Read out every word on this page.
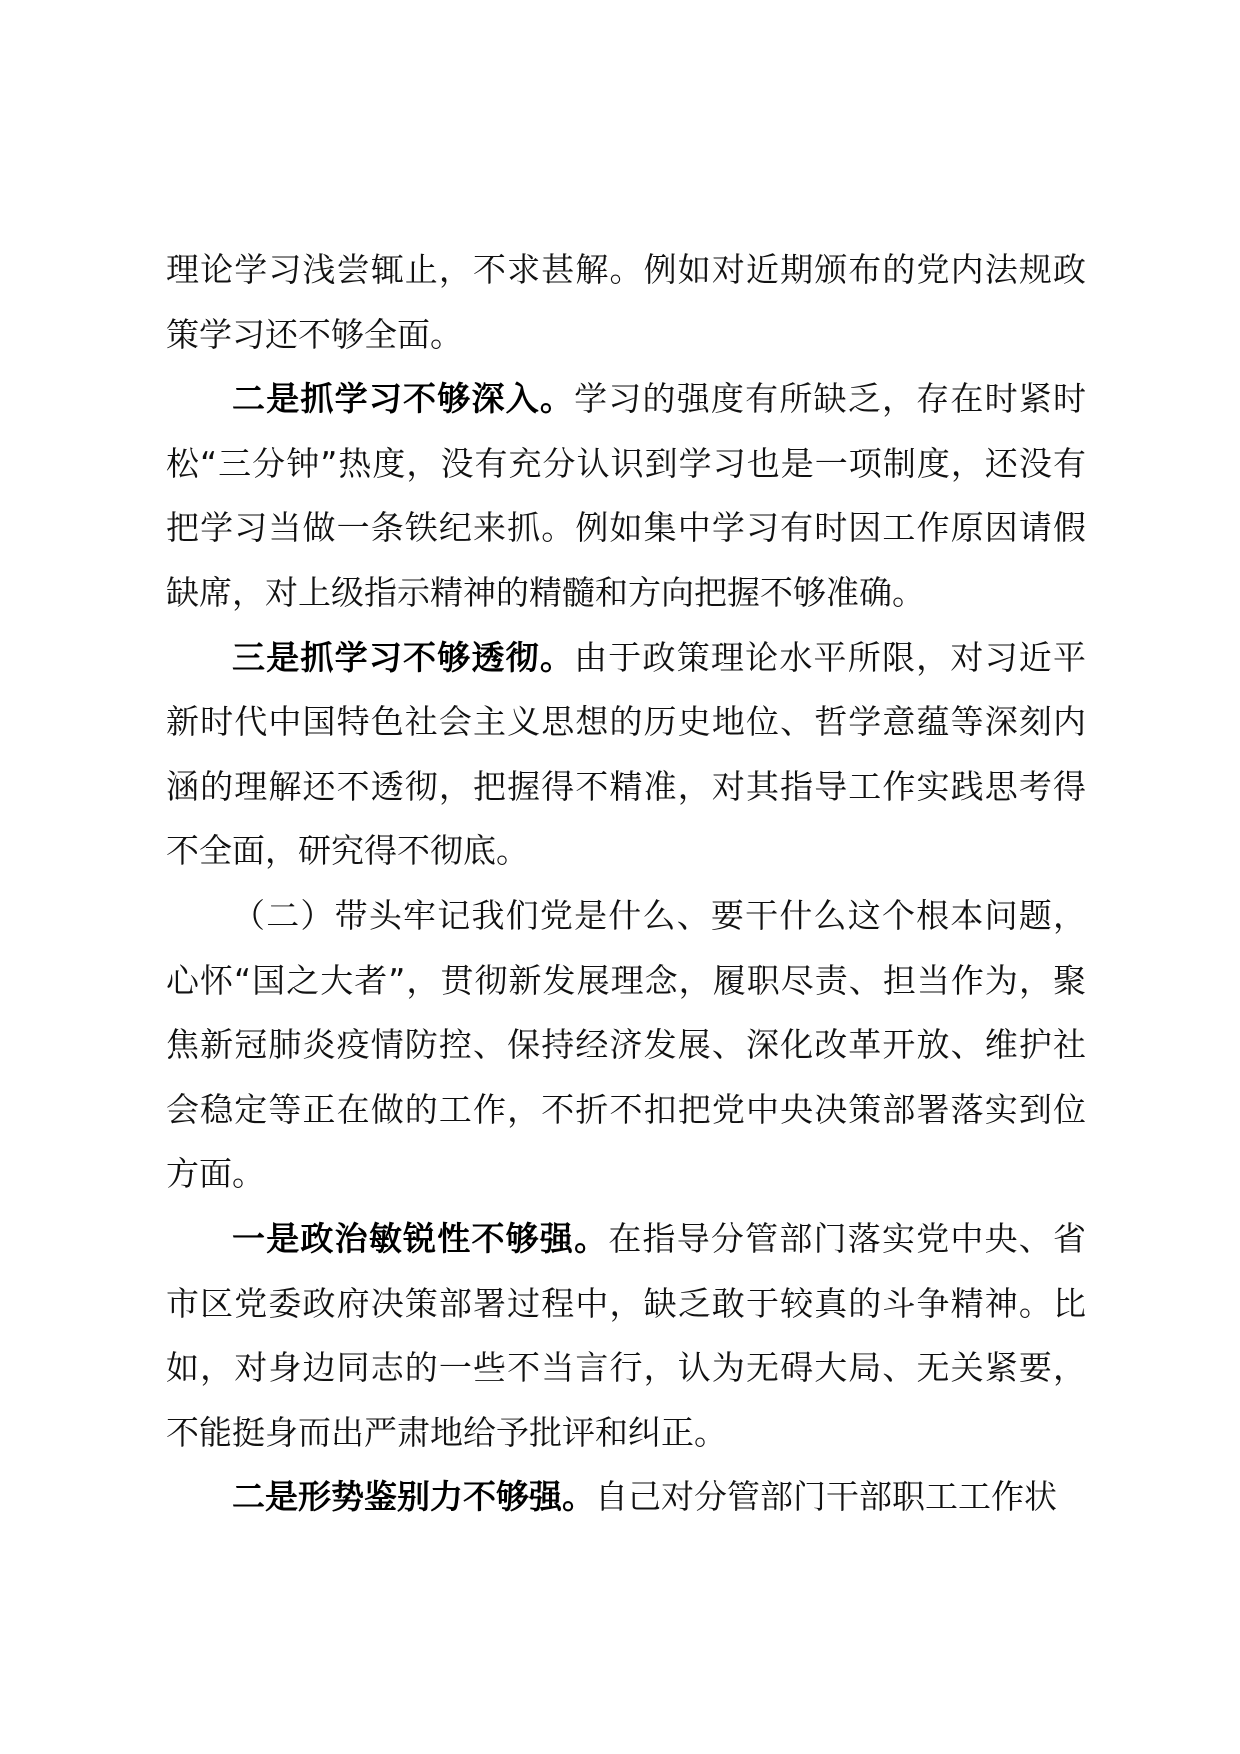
理论学习浅尝辄止，不求甚解。例如对近期颁布的党内法规政策学习还不够全面。

二是抓学习不够深入。学习的强度有所缺乏，存在时紧时松“三分钟”热度，没有充分认识到学习也是一项制度，还没有把学习当做一条铁纪来抓。例如集中学习有时因工作原因请假缺席，对上级指示精神的精髓和方向把握不够准确。

三是抓学习不够透彻。由于政策理论水平所限，对习近平新时代中国特色社会主义思想的历史地位、哲学意蕴等深刻内涵的理解还不透彻，把握得不精准，对其指导工作实践思考得不全面，研究得不彻底。

（二）带头牢记我们党是什么、要干什么这个根本问题，心怀“国之大者”，贯彻新发展理念，履职尽责、担当作为，聚焦新冠肺炎疫情防控、保持经济发展、深化改革开放、维护社会稳定等正在做的工作，不折不扣把党中央决策部署落实到位方面。

一是政治敏锐性不够强。在指导分管部门落实党中央、省市区党委政府决策部署过程中，缺乏敢于较真的斗争精神。比如，对身边同志的一些不当言行，认为无碍大局、无关紧要，不能挺身而出严肃地给予批评和纠正。

二是形势鉴别力不够强。自己对分管部门干部职工工作状
